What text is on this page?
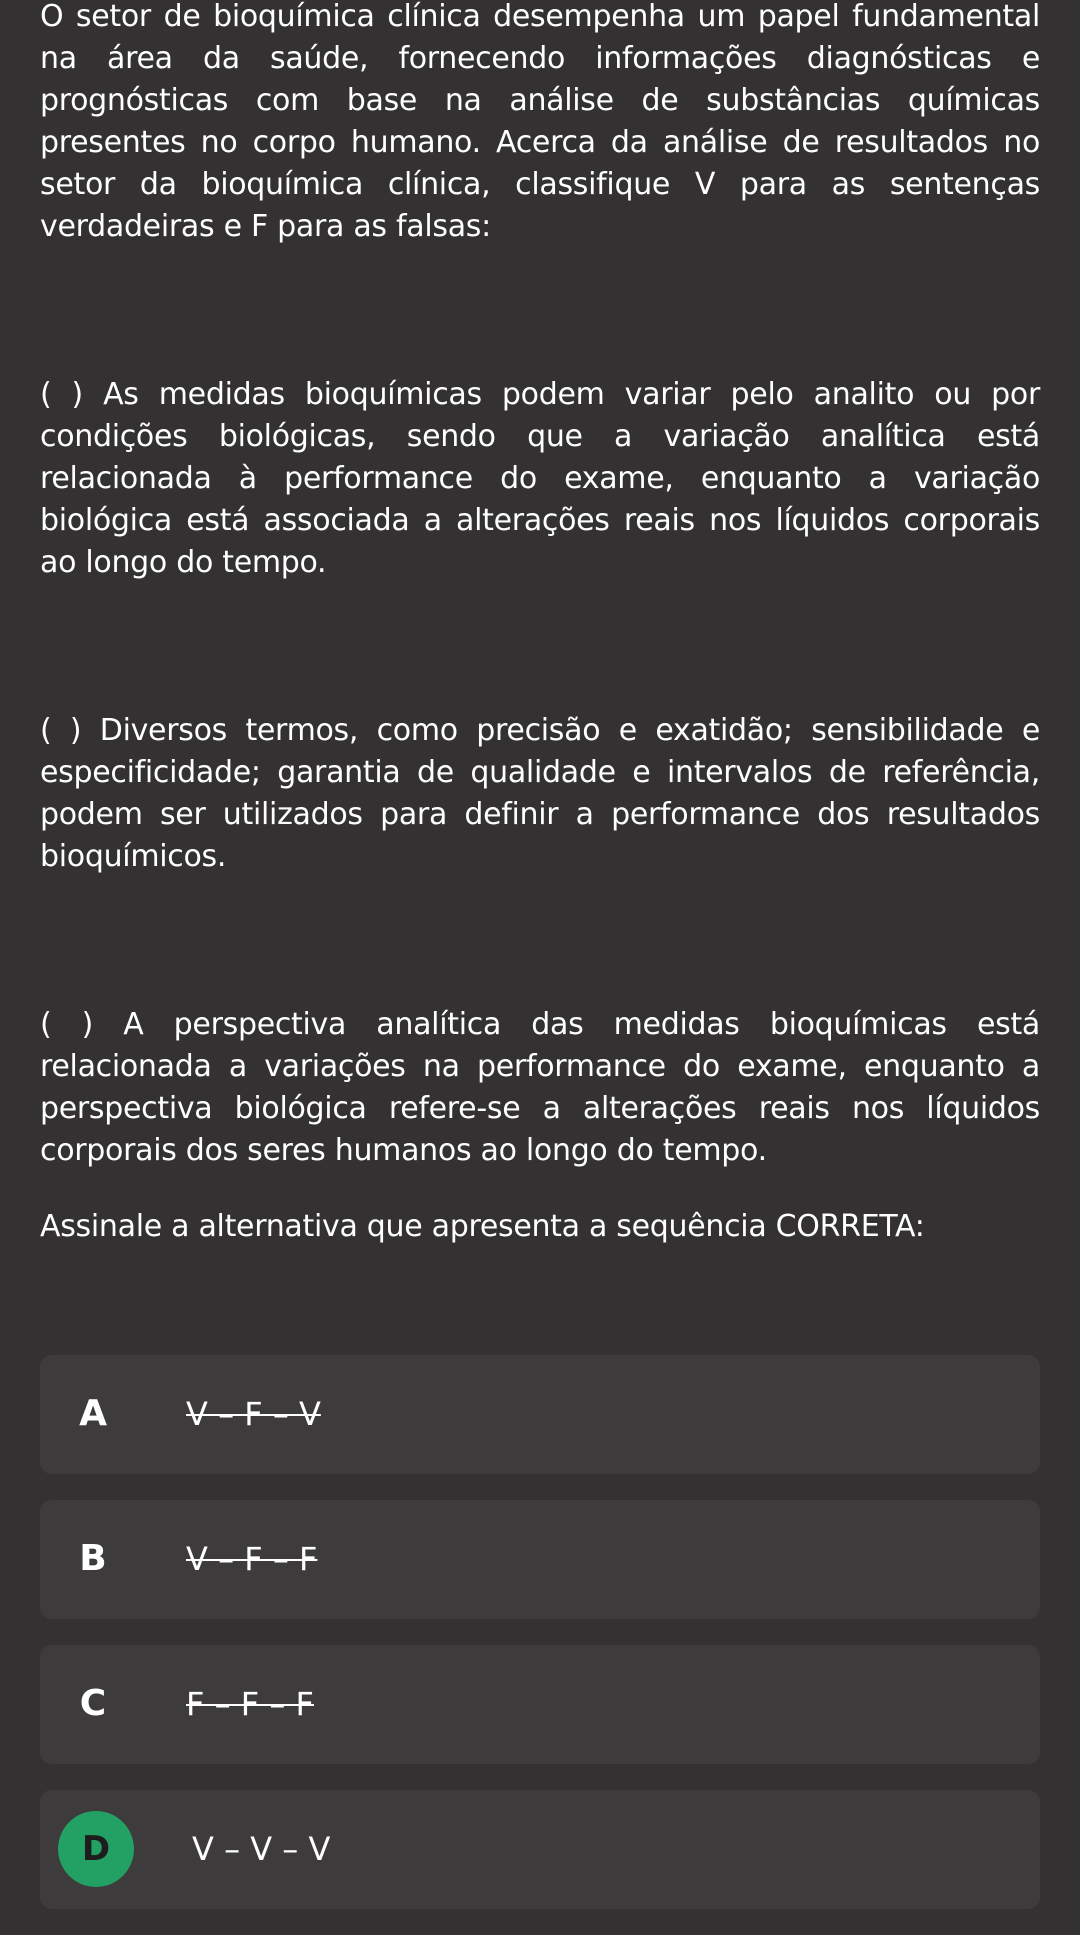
O setor de bioquímica clínica desempenha um papel fundamental na área da saúde, fornecendo informações diagnósticas e prognósticas com base na análise de substâncias químicas presentes no corpo humano. Acerca da análise de resultados no setor da bioquímica clínica, classifique V para as sentenças verdadeiras e F para as falsas:

( ) As medidas bioquímicas podem variar pelo analito ou por condições biológicas, sendo que a variação analítica está relacionada à performance do exame, enquanto a variação biológica está associada a alterações reais nos líquidos corporais ao longo do tempo.

( ) Diversos termos, como precisão e exatidão; sensibilidade e especificidade; garantia de qualidade e intervalos de referência, podem ser utilizados para definir a performance dos resultados bioquímicos.

( ) A perspectiva analítica das medidas bioquímicas está relacionada a variações na performance do exame, enquanto a perspectiva biológica refere-se a alterações reais nos líquidos corporais dos seres humanos ao longo do tempo.

Assinale a alternativa que apresenta a sequência CORRETA:

A	V – F – V
B	V – F – F
C	F – F – F
D	V – V – V
